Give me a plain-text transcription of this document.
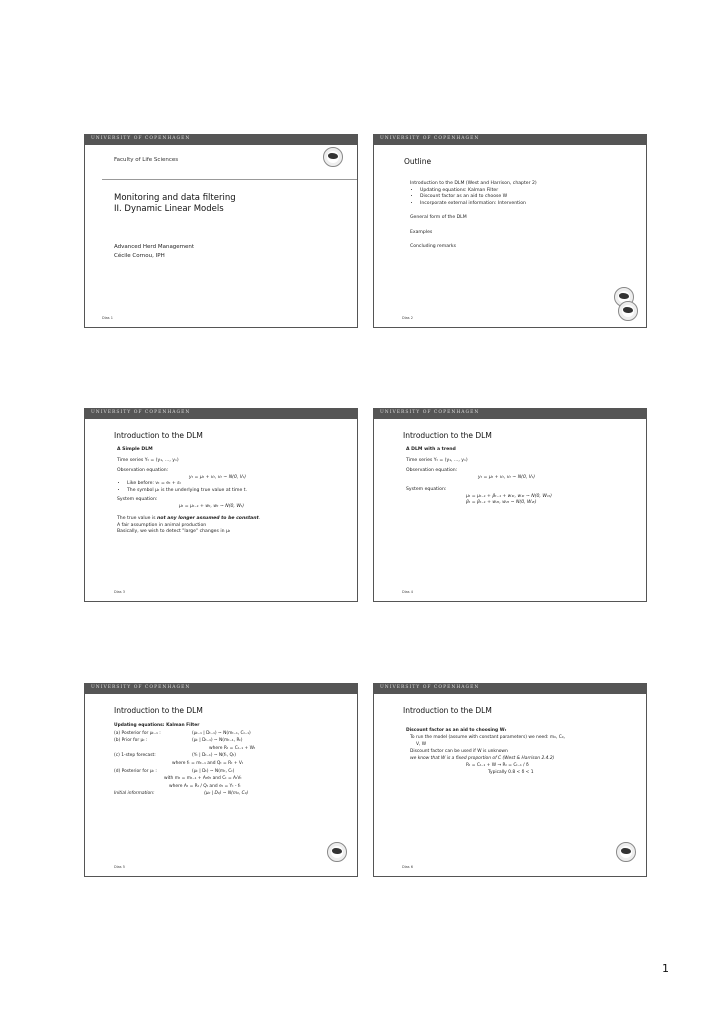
UNIVERSITY OF COPENHAGEN
Faculty of Life Sciences
Monitoring and data filtering
II. Dynamic Linear Models
Advanced Herd Management
Cécile Cornou, IPH
Dias 1
UNIVERSITY OF COPENHAGEN
Outline
Introduction to the DLM (West and Harrison, chapter 2)
• Updating equations: Kalman Filter
• Discount factor as an aid to choose W
• Incorporate external information: Intervention
General form of the DLM
Examples
Concluding remarks
Dias 2
UNIVERSITY OF COPENHAGEN
Introduction to the DLM
A Simple DLM
Time series Yₜ = (y₁, ..., yₙ)
Observation equation:
yₜ = μₜ + vₜ, vₜ ~ N(0, Vₜ)
• Like before: vₜ = eₜ + εₜ
• The symbol μₜ is the underlying true value at time t.
System equation:
μₜ = μₜ₋₁ + wₜ, wₜ ~ N(0, Wₜ)
The true value is not any longer assumed to be constant.
A fair assumption in animal production
Basically, we wish to detect "large" changes in μₜ
Dias 3
UNIVERSITY OF COPENHAGEN
Introduction to the DLM
A DLM with a trend
Time series Yₜ = (y₁, ..., yₙ)
Observation equation:
yₜ = μₜ + vₜ, vₜ ~ N(0, Vₜ)
System equation:
μₜ = μₜ₋₁ + βₜ₋₁ + w₁ₜ, w₁ₜ ~ N(0, W₁ₜ)
βₜ = βₜ₋₁ + w₂ₜ, w₂ₜ ~ N(0, W₂ₜ)
Dias 4
UNIVERSITY OF COPENHAGEN
Introduction to the DLM
Updating equations: Kalman Filter
(a) Posterior for μₜ₋₁ :	(μₜ₋₁ | Dₜ₋₁) ~ N(mₜ₋₁, Cₜ₋₁)
(b) Prior for μₜ :	(μₜ | Dₜ₋₁) ~ N(mₜ₋₁, Rₜ)
where Rₜ = Cₜ₋₁ + Wₜ
(c) 1-step forecast:	(Yₜ | Dₜ₋₁) ~ N(fₜ, Qₜ)
where fₜ = mₜ₋₁ and Qₜ = Rₜ + Vₜ
(d) Posterior for μₜ :	(μₜ | Dₜ) ~ N(mₜ, Cₜ)
with mₜ = mₜ₋₁ + Aₜeₜ and Cₜ = AₜVₜ
where Aₜ = Rₜ / Qₜ and eₜ = Yₜ - fₜ
Initial information:	(μ₀ | D₀) ~ N(m₀, C₀)
Dias 5
UNIVERSITY OF COPENHAGEN
Introduction to the DLM
Discount factor as an aid to choosing Wₜ
To run the model (assume with constant parameters) we need: m₀, C₀,
V, W
Discount factor can be used if W is unknown
we know that W is a fixed proportion of C (West & Harrison 2.4.2)
Rₜ = Cₜ₋₁ + W → Rₜ = Cₜ₋₁ / δ
Typically 0.8 < δ < 1
Dias 6
1
